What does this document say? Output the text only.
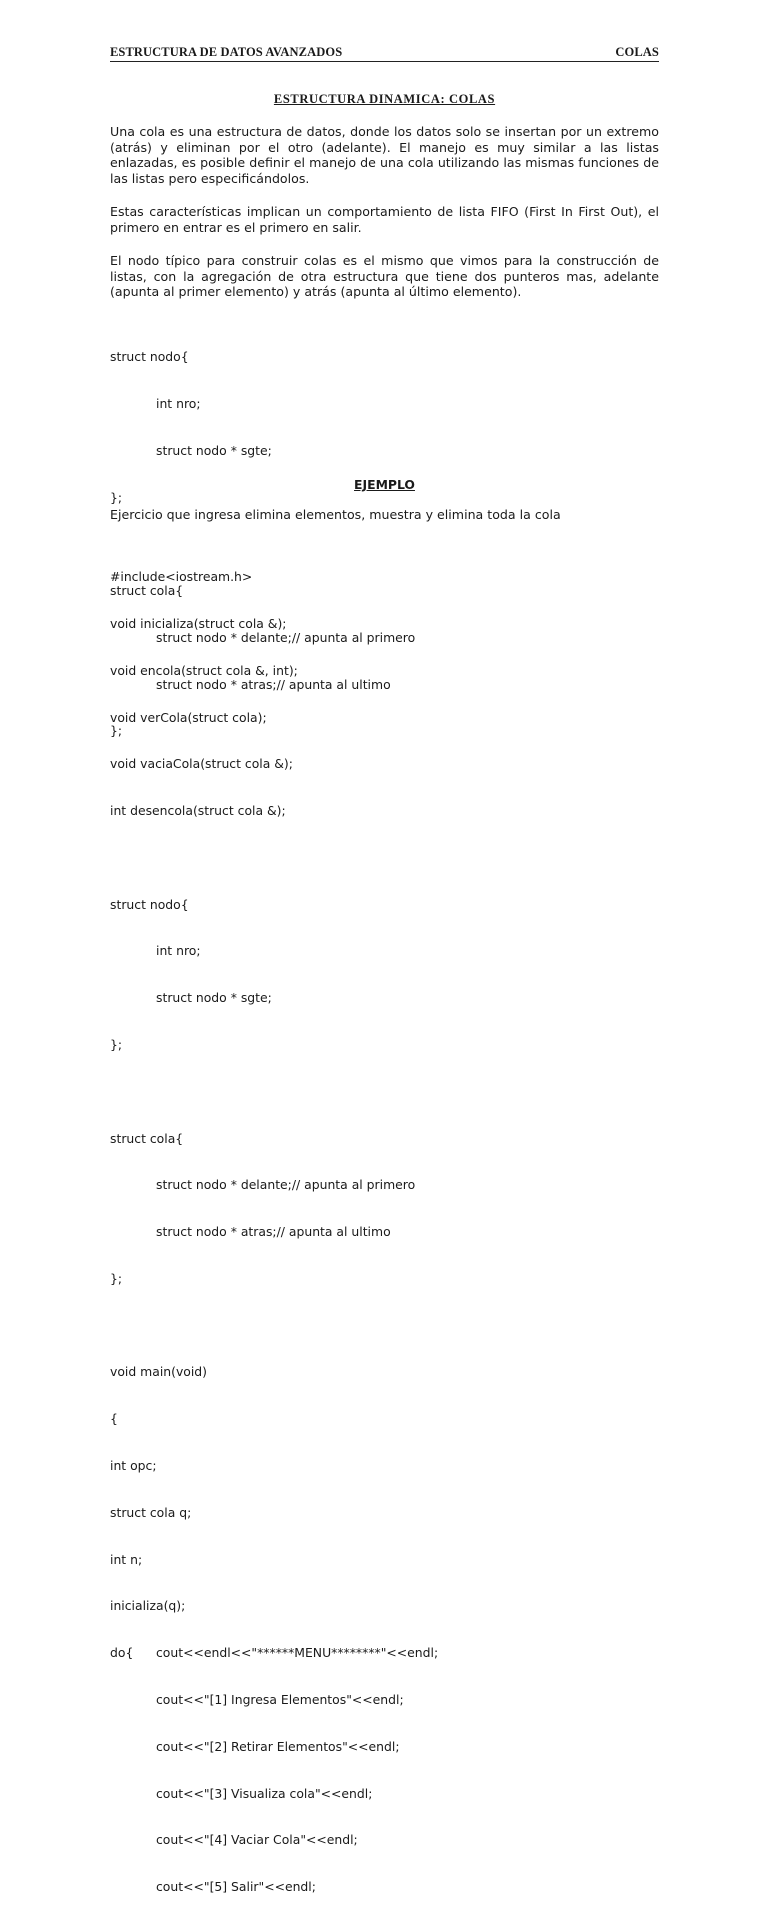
ESTRUCTURA DE DATOS AVANZADOS	COLAS
ESTRUCTURA DINAMICA: COLAS

Una cola es una estructura de datos, donde los datos solo se insertan por un extremo (atrás) y eliminan por el otro (adelante). El manejo es muy similar a las listas enlazadas, es posible definir el manejo de una cola utilizando las mismas funciones de las listas pero especificándolos.

Estas características implican un comportamiento de lista FIFO (First In First Out), el primero en entrar es el primero en salir.

El nodo típico para construir colas es el mismo que vimos para la construcción de listas, con la agregación de otra estructura que tiene dos punteros mas, adelante (apunta al primer elemento) y atrás (apunta al último elemento).

struct nodo{

int nro;

struct nodo * sgte;

};

struct cola{

struct nodo * delante;// apunta al primero

struct nodo * atras;// apunta al ultimo

};

EJEMPLO

Ejercicio que ingresa elimina elementos, muestra y elimina toda la cola

#include<iostream.h>

void inicializa(struct cola &);

void encola(struct cola &, int);

void verCola(struct cola);

void vaciaCola(struct cola &);

int desencola(struct cola &);

struct nodo{

int nro;

struct nodo * sgte;

};

struct cola{

struct nodo * delante;// apunta al primero

struct nodo * atras;// apunta al ultimo

};

void main(void)

{

int opc;

struct cola q;

int n;

inicializa(q);

do{ cout<<endl<<"******MENU********"<<endl;

cout<<"[1] Ingresa Elementos"<<endl;

cout<<"[2] Retirar Elementos"<<endl;

cout<<"[3] Visualiza cola"<<endl;

cout<<"[4] Vaciar Cola"<<endl;

cout<<"[5] Salir"<<endl;
